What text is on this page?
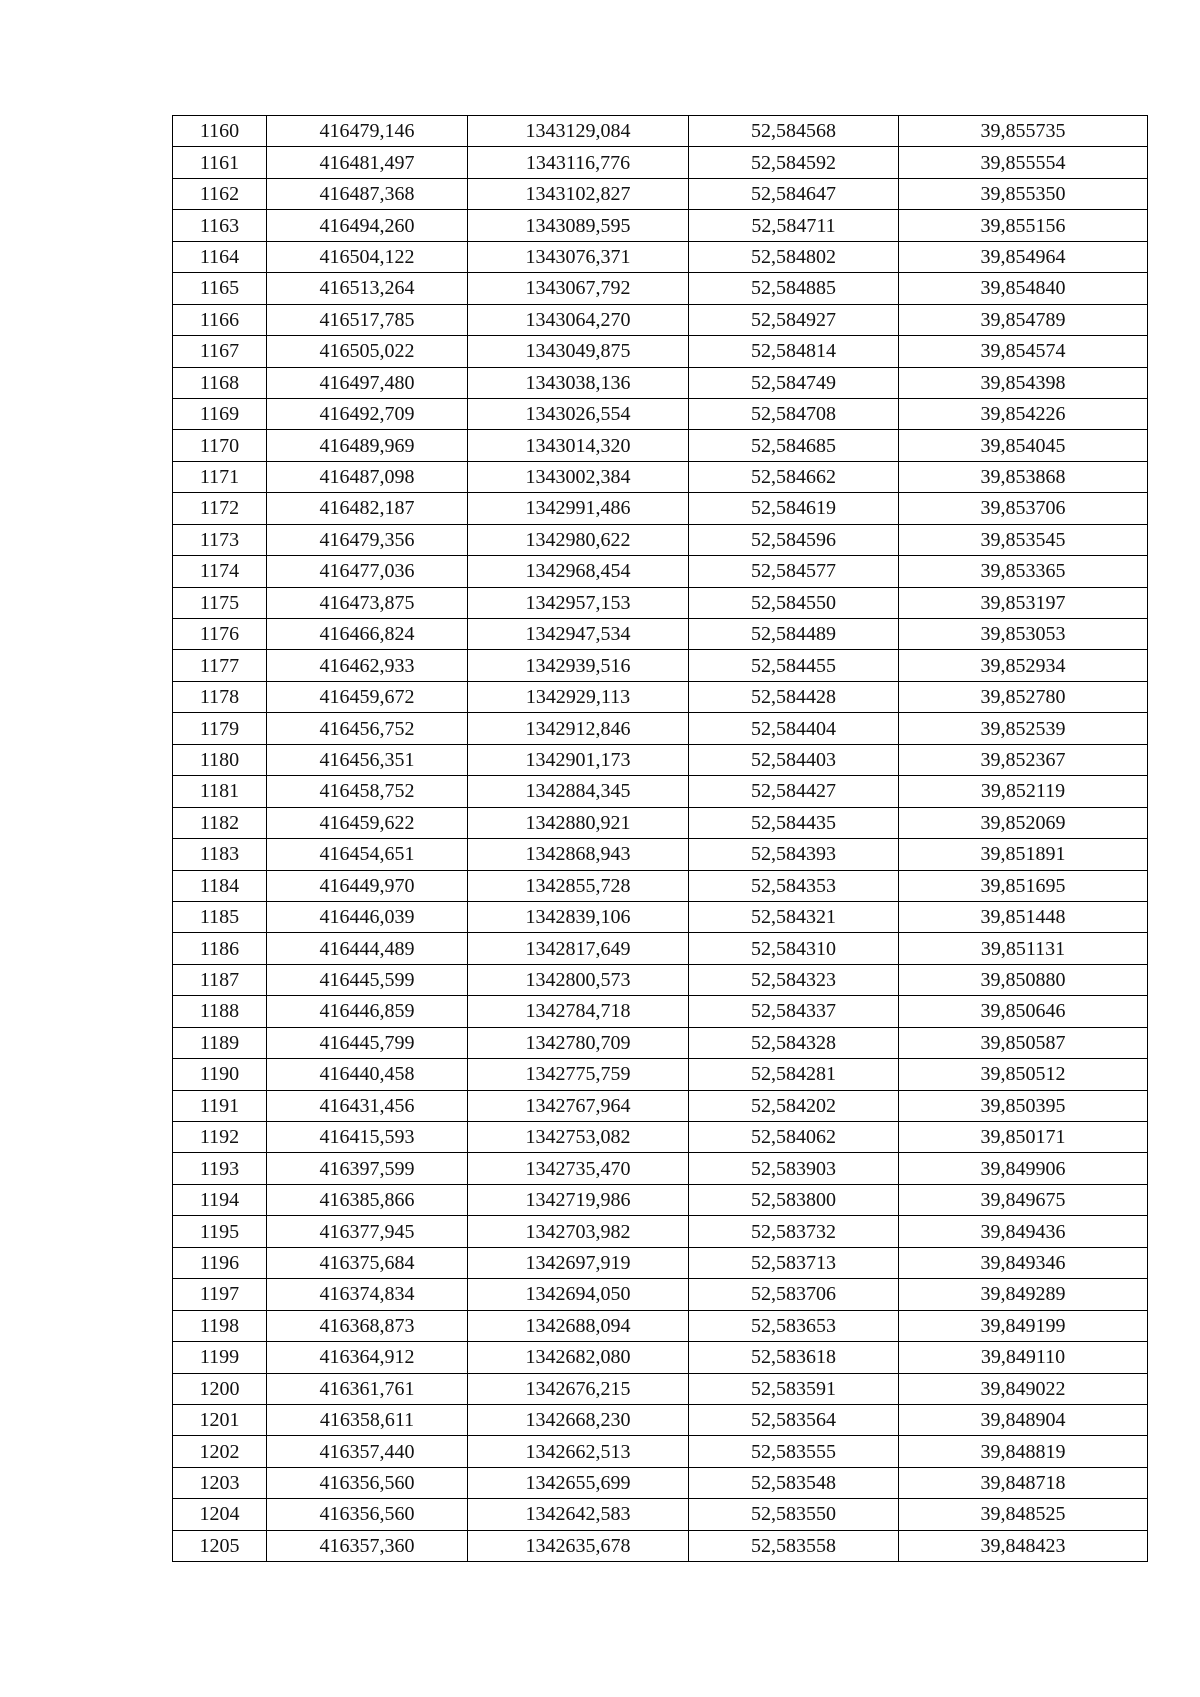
1160	416479,146	1343129,084	52,584568	39,855735
1161	416481,497	1343116,776	52,584592	39,855554
1162	416487,368	1343102,827	52,584647	39,855350
1163	416494,260	1343089,595	52,584711	39,855156
1164	416504,122	1343076,371	52,584802	39,854964
1165	416513,264	1343067,792	52,584885	39,854840
1166	416517,785	1343064,270	52,584927	39,854789
1167	416505,022	1343049,875	52,584814	39,854574
1168	416497,480	1343038,136	52,584749	39,854398
1169	416492,709	1343026,554	52,584708	39,854226
1170	416489,969	1343014,320	52,584685	39,854045
1171	416487,098	1343002,384	52,584662	39,853868
1172	416482,187	1342991,486	52,584619	39,853706
1173	416479,356	1342980,622	52,584596	39,853545
1174	416477,036	1342968,454	52,584577	39,853365
1175	416473,875	1342957,153	52,584550	39,853197
1176	416466,824	1342947,534	52,584489	39,853053
1177	416462,933	1342939,516	52,584455	39,852934
1178	416459,672	1342929,113	52,584428	39,852780
1179	416456,752	1342912,846	52,584404	39,852539
1180	416456,351	1342901,173	52,584403	39,852367
1181	416458,752	1342884,345	52,584427	39,852119
1182	416459,622	1342880,921	52,584435	39,852069
1183	416454,651	1342868,943	52,584393	39,851891
1184	416449,970	1342855,728	52,584353	39,851695
1185	416446,039	1342839,106	52,584321	39,851448
1186	416444,489	1342817,649	52,584310	39,851131
1187	416445,599	1342800,573	52,584323	39,850880
1188	416446,859	1342784,718	52,584337	39,850646
1189	416445,799	1342780,709	52,584328	39,850587
1190	416440,458	1342775,759	52,584281	39,850512
1191	416431,456	1342767,964	52,584202	39,850395
1192	416415,593	1342753,082	52,584062	39,850171
1193	416397,599	1342735,470	52,583903	39,849906
1194	416385,866	1342719,986	52,583800	39,849675
1195	416377,945	1342703,982	52,583732	39,849436
1196	416375,684	1342697,919	52,583713	39,849346
1197	416374,834	1342694,050	52,583706	39,849289
1198	416368,873	1342688,094	52,583653	39,849199
1199	416364,912	1342682,080	52,583618	39,849110
1200	416361,761	1342676,215	52,583591	39,849022
1201	416358,611	1342668,230	52,583564	39,848904
1202	416357,440	1342662,513	52,583555	39,848819
1203	416356,560	1342655,699	52,583548	39,848718
1204	416356,560	1342642,583	52,583550	39,848525
1205	416357,360	1342635,678	52,583558	39,848423
